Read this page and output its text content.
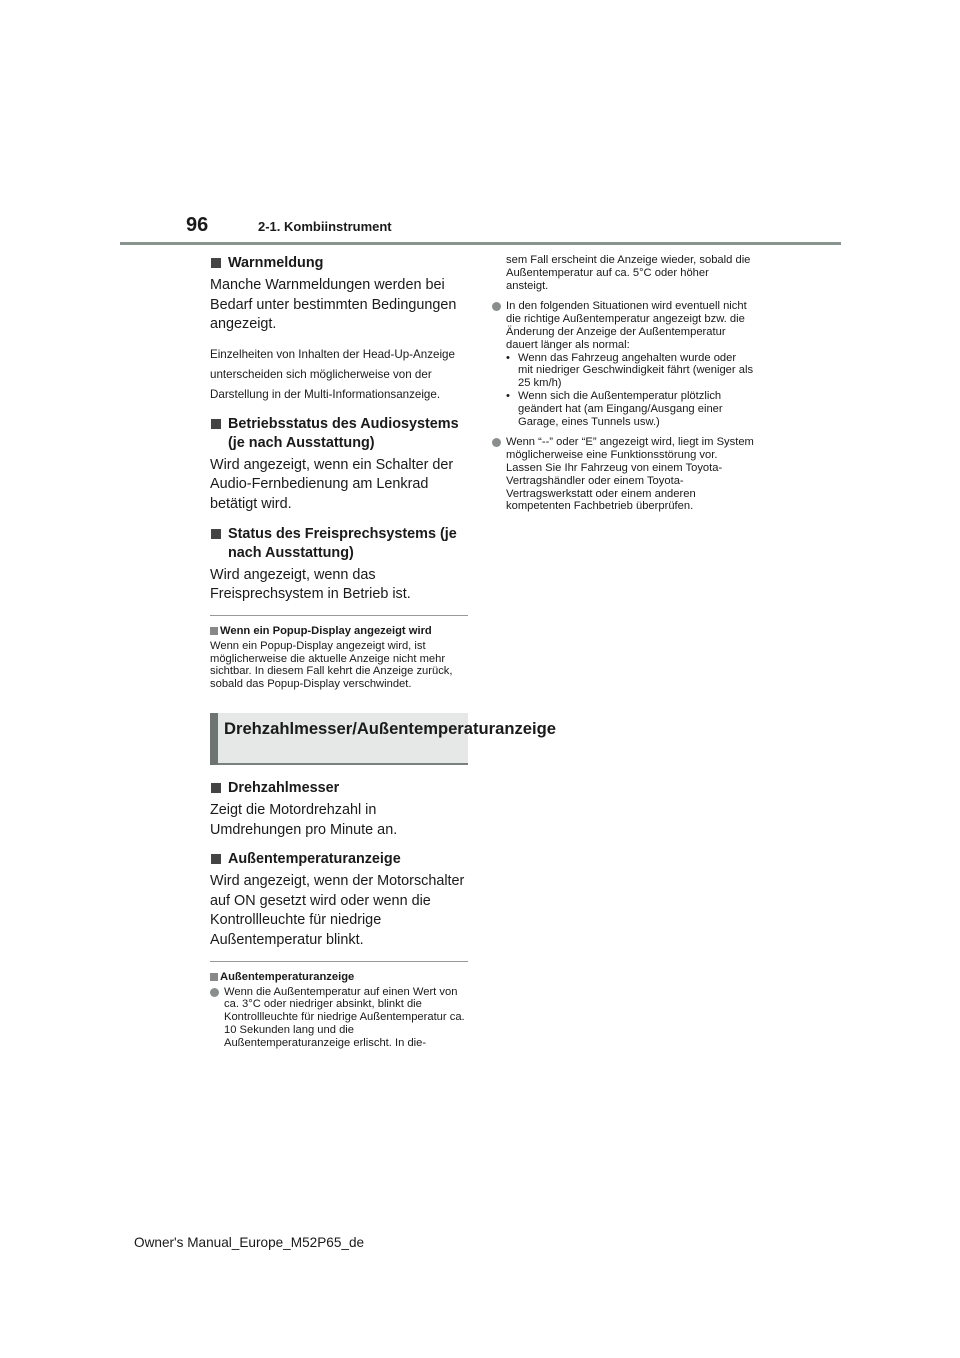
96	2-1. Kombiinstrument
Warnmeldung

Manche Warnmeldungen werden bei Bedarf unter bestimmten Bedingungen angezeigt.

Einzelheiten von Inhalten der Head-Up-Anzeige unterscheiden sich möglicherweise von der Darstellung in der Multi-Informationsanzeige.

Betriebsstatus des Audiosystems (je nach Ausstattung)

Wird angezeigt, wenn ein Schalter der Audio-Fernbedienung am Lenkrad betätigt wird.

Status des Freisprechsystems (je nach Ausstattung)

Wird angezeigt, wenn das Freisprechsystem in Betrieb ist.

Wenn ein Popup-Display angezeigt wird

Wenn ein Popup-Display angezeigt wird, ist möglicherweise die aktuelle Anzeige nicht mehr sichtbar. In diesem Fall kehrt die Anzeige zurück, sobald das Popup-Display verschwindet.

Drehzahlmesser/Außentemperaturanzeige
Drehzahlmesser

Zeigt die Motordrehzahl in Umdrehungen pro Minute an.

Außentemperaturanzeige

Wird angezeigt, wenn der Motorschalter auf ON gesetzt wird oder wenn die Kontrollleuchte für niedrige Außentemperatur blinkt.

Außentemperaturanzeige

Wenn die Außentemperatur auf einen Wert von ca. 3°C oder niedriger absinkt, blinkt die Kontrollleuchte für niedrige Außentemperatur ca. 10 Sekunden lang und die Außentemperaturanzeige erlischt. In die-

sem Fall erscheint die Anzeige wieder, sobald die Außentemperatur auf ca. 5°C oder höher ansteigt.

In den folgenden Situationen wird eventuell nicht die richtige Außentemperatur angezeigt bzw. die Änderung der Anzeige der Außentemperatur dauert länger als normal:
• Wenn das Fahrzeug angehalten wurde oder mit niedriger Geschwindigkeit fährt (weniger als 25 km/h)
• Wenn sich die Außentemperatur plötzlich geändert hat (am Eingang/Ausgang einer Garage, eines Tunnels usw.)

Wenn “--” oder “E” angezeigt wird, liegt im System möglicherweise eine Funktionsstörung vor. Lassen Sie Ihr Fahrzeug von einem Toyota-Vertragshändler oder einem Toyota-Vertragswerkstatt oder einem anderen kompetenten Fachbetrieb überprüfen.

Owner's Manual_Europe_M52P65_de
